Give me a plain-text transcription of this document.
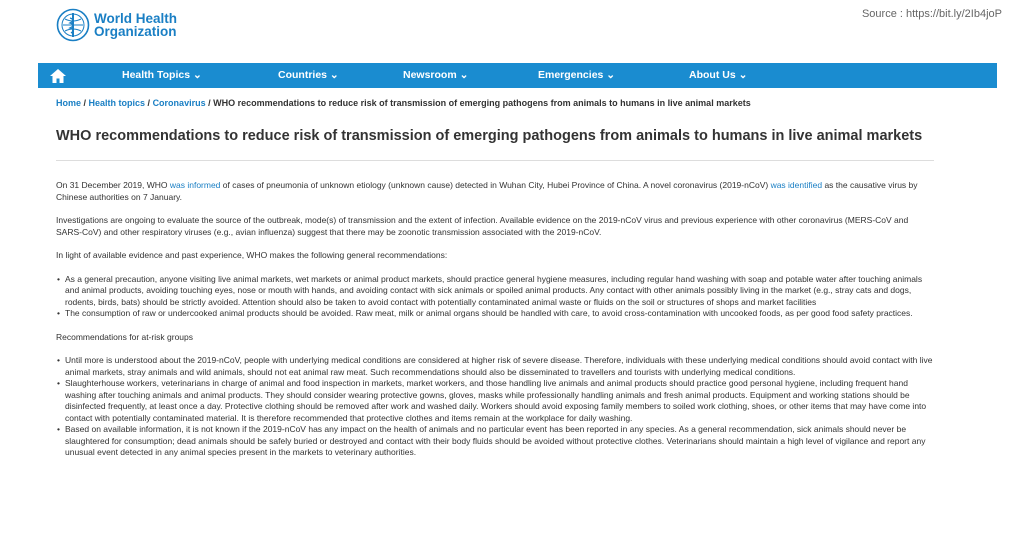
World Health
Organization
Source : https://bit.ly/2Ib4joP
Health Topics ⌄	Countries ⌄	Newsroom ⌄	Emergencies ⌄	About Us ⌄
Home / Health topics / Coronavirus / WHO recommendations to reduce risk of transmission of emerging pathogens from animals to humans in live animal markets
WHO recommendations to reduce risk of transmission of emerging pathogens from animals to humans in live animal markets

On 31 December 2019, WHO was informed of cases of pneumonia of unknown etiology (unknown cause) detected in Wuhan City, Hubei Province of China. A novel coronavirus (2019-nCoV) was identified as the causative virus by Chinese authorities on 7 January.

Investigations are ongoing to evaluate the source of the outbreak, mode(s) of transmission and the extent of infection. Available evidence on the 2019-nCoV virus and previous experience with other coronavirus (MERS-CoV and SARS-CoV) and other respiratory viruses (e.g., avian influenza) suggest that there may be zoonotic transmission associated with the 2019-nCoV.

In light of available evidence and past experience, WHO makes the following general recommendations:

• As a general precaution, anyone visiting live animal markets, wet markets or animal product markets, should practice general hygiene measures, including regular hand washing with soap and potable water after touching animals and animal products, avoiding touching eyes, nose or mouth with hands, and avoiding contact with sick animals or spoiled animal products. Any contact with other animals possibly living in the market (e.g., stray cats and dogs, rodents, birds, bats) should be strictly avoided. Attention should also be taken to avoid contact with potentially contaminated animal waste or fluids on the soil or structures of shops and market facilities
• The consumption of raw or undercooked animal products should be avoided. Raw meat, milk or animal organs should be handled with care, to avoid cross-contamination with uncooked foods, as per good food safety practices.

Recommendations for at-risk groups

• Until more is understood about the 2019-nCoV, people with underlying medical conditions are considered at higher risk of severe disease. Therefore, individuals with these underlying medical conditions should avoid contact with live animal markets, stray animals and wild animals, should not eat animal raw meat. Such recommendations should also be disseminated to travellers and tourists with underlying medical conditions.
• Slaughterhouse workers, veterinarians in charge of animal and food inspection in markets, market workers, and those handling live animals and animal products should practice good personal hygiene, including frequent hand washing after touching animals and animal products. They should consider wearing protective gowns, gloves, masks while professionally handling animals and fresh animal products. Equipment and working stations should be disinfected frequently, at least once a day. Protective clothing should be removed after work and washed daily. Workers should avoid exposing family members to soiled work clothing, shoes, or other items that may have come into contact with potentially contaminated material. It is therefore recommended that protective clothes and items remain at the workplace for daily washing.
• Based on available information, it is not known if the 2019-nCoV has any impact on the health of animals and no particular event has been reported in any species. As a general recommendation, sick animals should never be slaughtered for consumption; dead animals should be safely buried or destroyed and contact with their body fluids should be avoided without protective clothes. Veterinarians should maintain a high level of vigilance and report any unusual event detected in any animal species present in the markets to veterinary authorities.
